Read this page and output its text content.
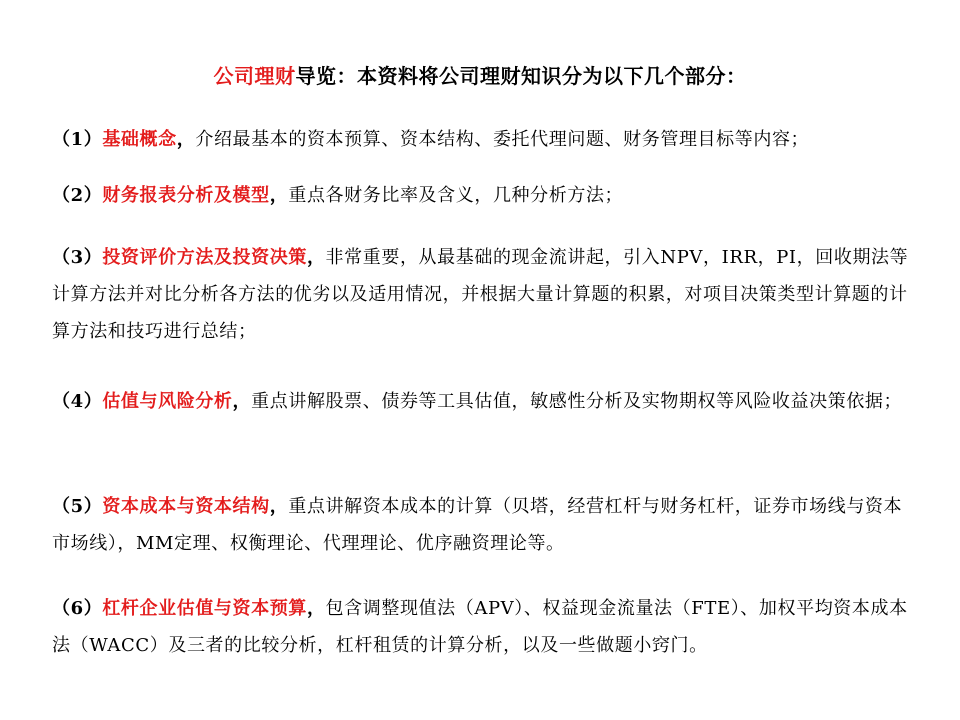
公司理财导览：本资料将公司理财知识分为以下几个部分：
（1）基础概念，介绍最基本的资本预算、资本结构、委托代理问题、财务管理目标等内容；
（2）财务报表分析及模型，重点各财务比率及含义，几种分析方法；
（3）投资评价方法及投资决策，非常重要，从最基础的现金流讲起，引入NPV，IRR，PI，回收期法等计算方法并对比分析各方法的优劣以及适用情况，并根据大量计算题的积累，对项目决策类型计算题的计算方法和技巧进行总结；
（4）估值与风险分析，重点讲解股票、债券等工具估值，敏感性分析及实物期权等风险收益决策依据；
（5）资本成本与资本结构，重点讲解资本成本的计算（贝塔，经营杠杆与财务杠杆，证券市场线与资本市场线），MM定理、权衡理论、代理理论、优序融资理论等。
（6）杠杆企业估值与资本预算，包含调整现值法（APV）、权益现金流量法（FTE）、加权平均资本成本法（WACC）及三者的比较分析，杠杆租赁的计算分析，以及一些做题小窍门。
